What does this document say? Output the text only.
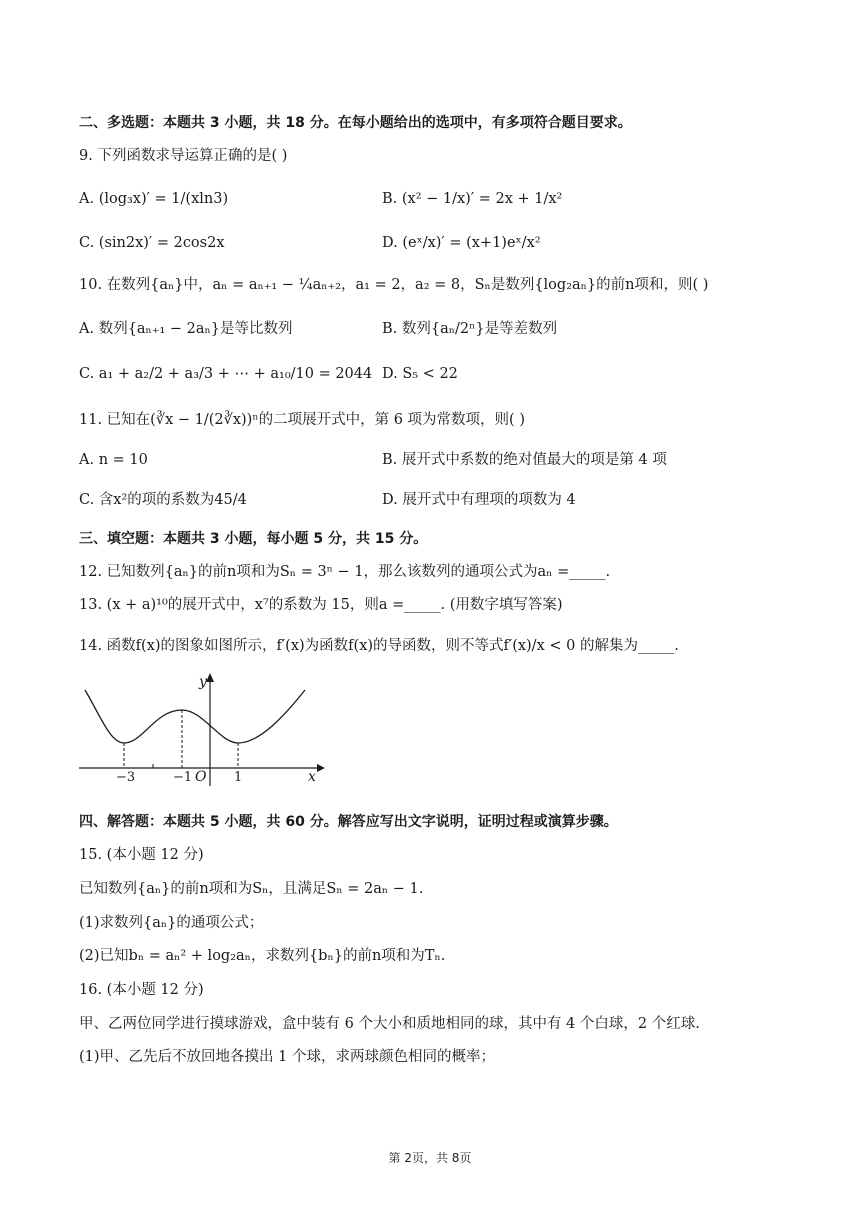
二、多选题：本题共 3 小题，共 18 分。在每小题给出的选项中，有多项符合题目要求。
9. 下列函数求导运算正确的是( )
A. (log₃x)′ = 1/(xln3)	B. (x² − 1/x)′ = 2x + 1/x²
C. (sin2x)′ = 2cos2x	D. (eˣ/x)′ = (x+1)eˣ/x²
10. 在数列{aₙ}中，aₙ = aₙ₊₁ − ¼aₙ₊₂，a₁ = 2，a₂ = 8，Sₙ是数列{log₂aₙ}的前n项和，则( )
A. 数列{aₙ₊₁ − 2aₙ}是等比数列	B. 数列{aₙ/2ⁿ}是等差数列
C. a₁ + a₂/2 + a₃/3 + ⋯ + a₁₀/10 = 2044 D. S₅ < 22
11. 已知在(∛x − 1/(2∛x))ⁿ的二项展开式中，第 6 项为常数项，则( )
A. n = 10	B. 展开式中系数的绝对值最大的项是第 4 项
C. 含x²的项的系数为45/4	D. 展开式中有理项的项数为 4
三、填空题：本题共 3 小题，每小题 5 分，共 15 分。
12. 已知数列{aₙ}的前n项和为Sₙ = 3ⁿ − 1，那么该数列的通项公式为aₙ =_____.
13. (x + a)¹⁰的展开式中，x⁷的系数为 15，则a =_____. (用数字填写答案)
14. 函数f(x)的图象如图所示，f′(x)为函数f(x)的导函数，则不等式f′(x)/x < 0 的解集为_____.
y
x
O
−3	−1	1
四、解答题：本题共 5 小题，共 60 分。解答应写出文字说明，证明过程或演算步骤。
15. (本小题 12 分)
已知数列{aₙ}的前n项和为Sₙ，且满足Sₙ = 2aₙ − 1.
(1)求数列{aₙ}的通项公式；
(2)已知bₙ = aₙ² + log₂aₙ，求数列{bₙ}的前n项和为Tₙ.
16. (本小题 12 分)
甲、乙两位同学进行摸球游戏，盒中装有 6 个大小和质地相同的球，其中有 4 个白球，2 个红球.
(1)甲、乙先后不放回地各摸出 1 个球，求两球颜色相同的概率；
第 2页，共 8页
